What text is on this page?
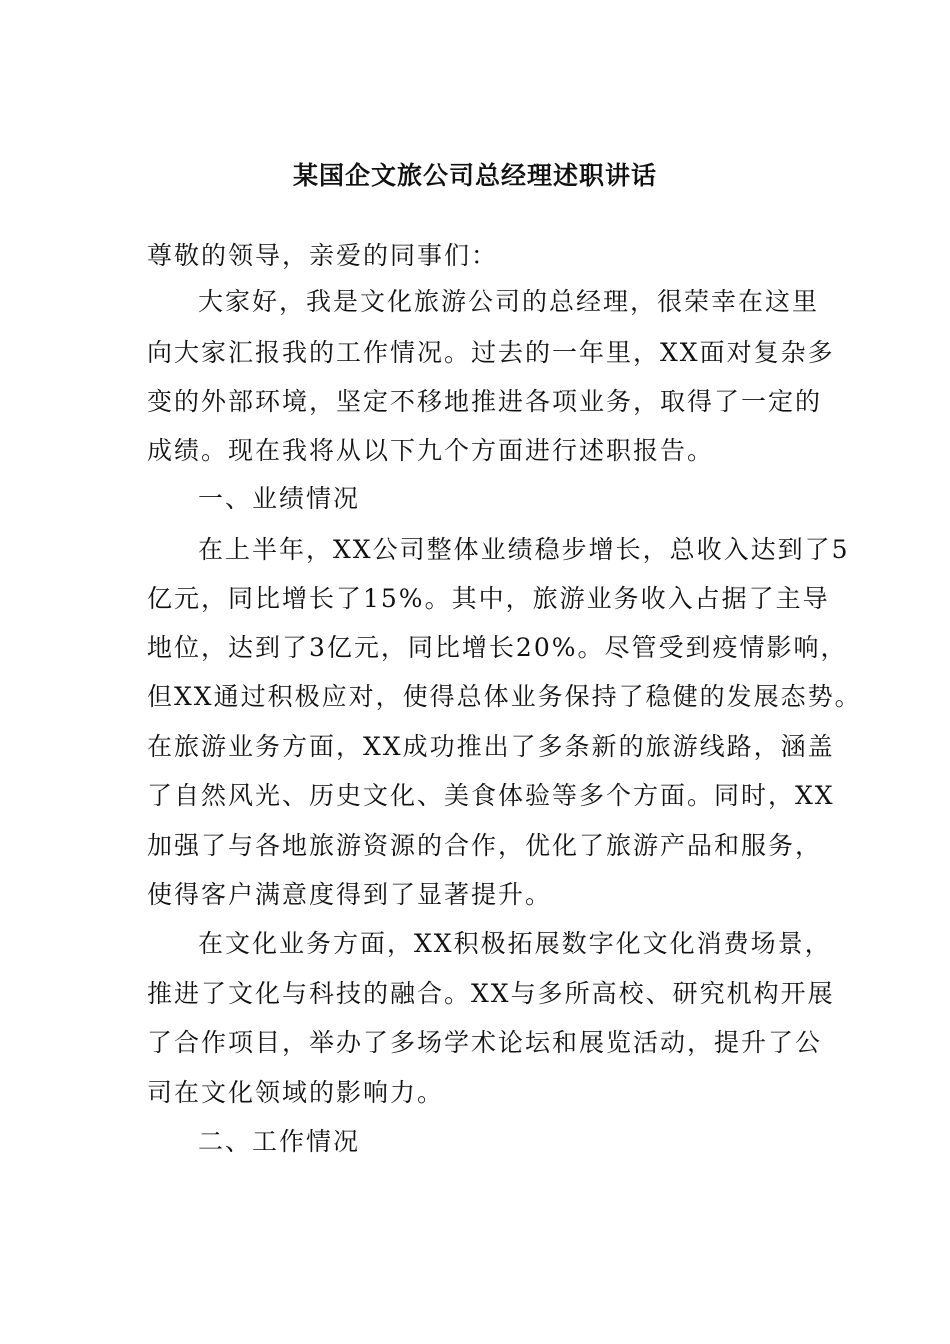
某国企文旅公司总经理述职讲话
尊敬的领导，亲爱的同事们：
大家好，我是文化旅游公司的总经理，很荣幸在这里
向大家汇报我的工作情况。过去的一年里，XX面对复杂多
变的外部环境，坚定不移地推进各项业务，取得了一定的
成绩。现在我将从以下九个方面进行述职报告。
一、业绩情况
在上半年，XX公司整体业绩稳步增长，总收入达到了5
亿元，同比增长了15%。其中，旅游业务收入占据了主导
地位，达到了3亿元，同比增长20%。尽管受到疫情影响，
但XX通过积极应对，使得总体业务保持了稳健的发展态势。
在旅游业务方面，XX成功推出了多条新的旅游线路，涵盖
了自然风光、历史文化、美食体验等多个方面。同时，XX
加强了与各地旅游资源的合作，优化了旅游产品和服务，
使得客户满意度得到了显著提升。
在文化业务方面，XX积极拓展数字化文化消费场景，
推进了文化与科技的融合。XX与多所高校、研究机构开展
了合作项目，举办了多场学术论坛和展览活动，提升了公
司在文化领域的影响力。
二、工作情况
